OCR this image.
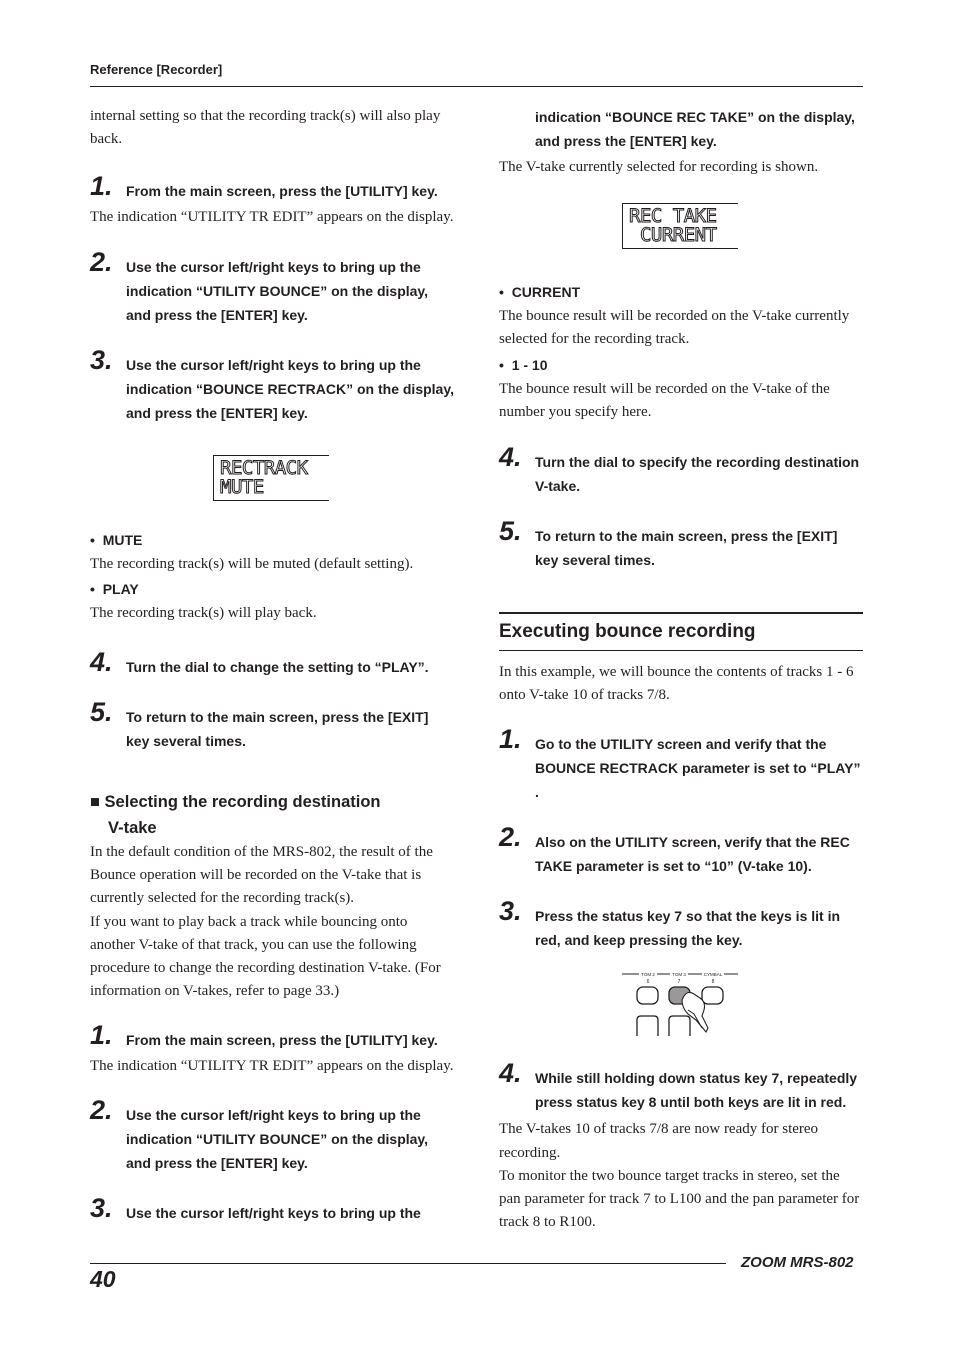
Reference [Recorder]

internal setting so that the recording track(s) will also play back.

1. From the main screen, press the [UTILITY] key.

The indication “UTILITY TR EDIT” appears on the display.

2. Use the cursor left/right keys to bring up the indication “UTILITY BOUNCE” on the display, and press the [ENTER] key.
3. Use the cursor left/right keys to bring up the indication “BOUNCE RECTRACK” on the display, and press the [ENTER] key.
RECTRACK
MUTE

•  MUTE

The recording track(s) will be muted (default setting).

•  PLAY

The recording track(s) will play back.

4. Turn the dial to change the setting to “PLAY”.
5. To return to the main screen, press the [EXIT] key several times.

■ Selecting the recording destination

V-take

In the default condition of the MRS-802, the result of the Bounce operation will be recorded on the V-take that is currently selected for the recording track(s).

If you want to play back a track while bouncing onto another V-take of that track, you can use the following procedure to change the recording destination V-take. (For information on V-takes, refer to page 33.)

1. From the main screen, press the [UTILITY] key.

The indication “UTILITY TR EDIT” appears on the display.

2. Use the cursor left/right keys to bring up the indication “UTILITY BOUNCE” on the display, and press the [ENTER] key.
3. Use the cursor left/right keys to bring up the
indication “BOUNCE REC TAKE” on the display, and press the [ENTER] key.

The V-take currently selected for recording is shown.

REC TAKE
CURRENT

•  CURRENT

The bounce result will be recorded on the V-take currently selected for the recording track.

•  1 - 10

The bounce result will be recorded on the V-take of the number you specify here.

4. Turn the dial to specify the recording destination V-take.
5. To return to the main screen, press the [EXIT] key several times.

Executing bounce recording

In this example, we will bounce the contents of tracks 1 - 6 onto V-take 10 of tracks 7/8.

1. Go to the UTILITY screen and verify that the BOUNCE RECTRACK parameter is set to “PLAY” .
2. Also on the UTILITY screen, verify that the REC TAKE parameter is set to “10” (V-take 10).
3. Press the status key 7 so that the keys is lit in red, and keep pressing the key.
TOM 2	TOM 3	CYMBAL
6	7	8
4. While still holding down status key 7, repeatedly press status key 8 until both keys are lit in red.

The V-takes 10 of tracks 7/8 are now ready for stereo recording.

To monitor the two bounce target tracks in stereo, set the pan parameter for track 7 to L100 and the pan parameter for track 8 to R100.

ZOOM MRS-802
40
